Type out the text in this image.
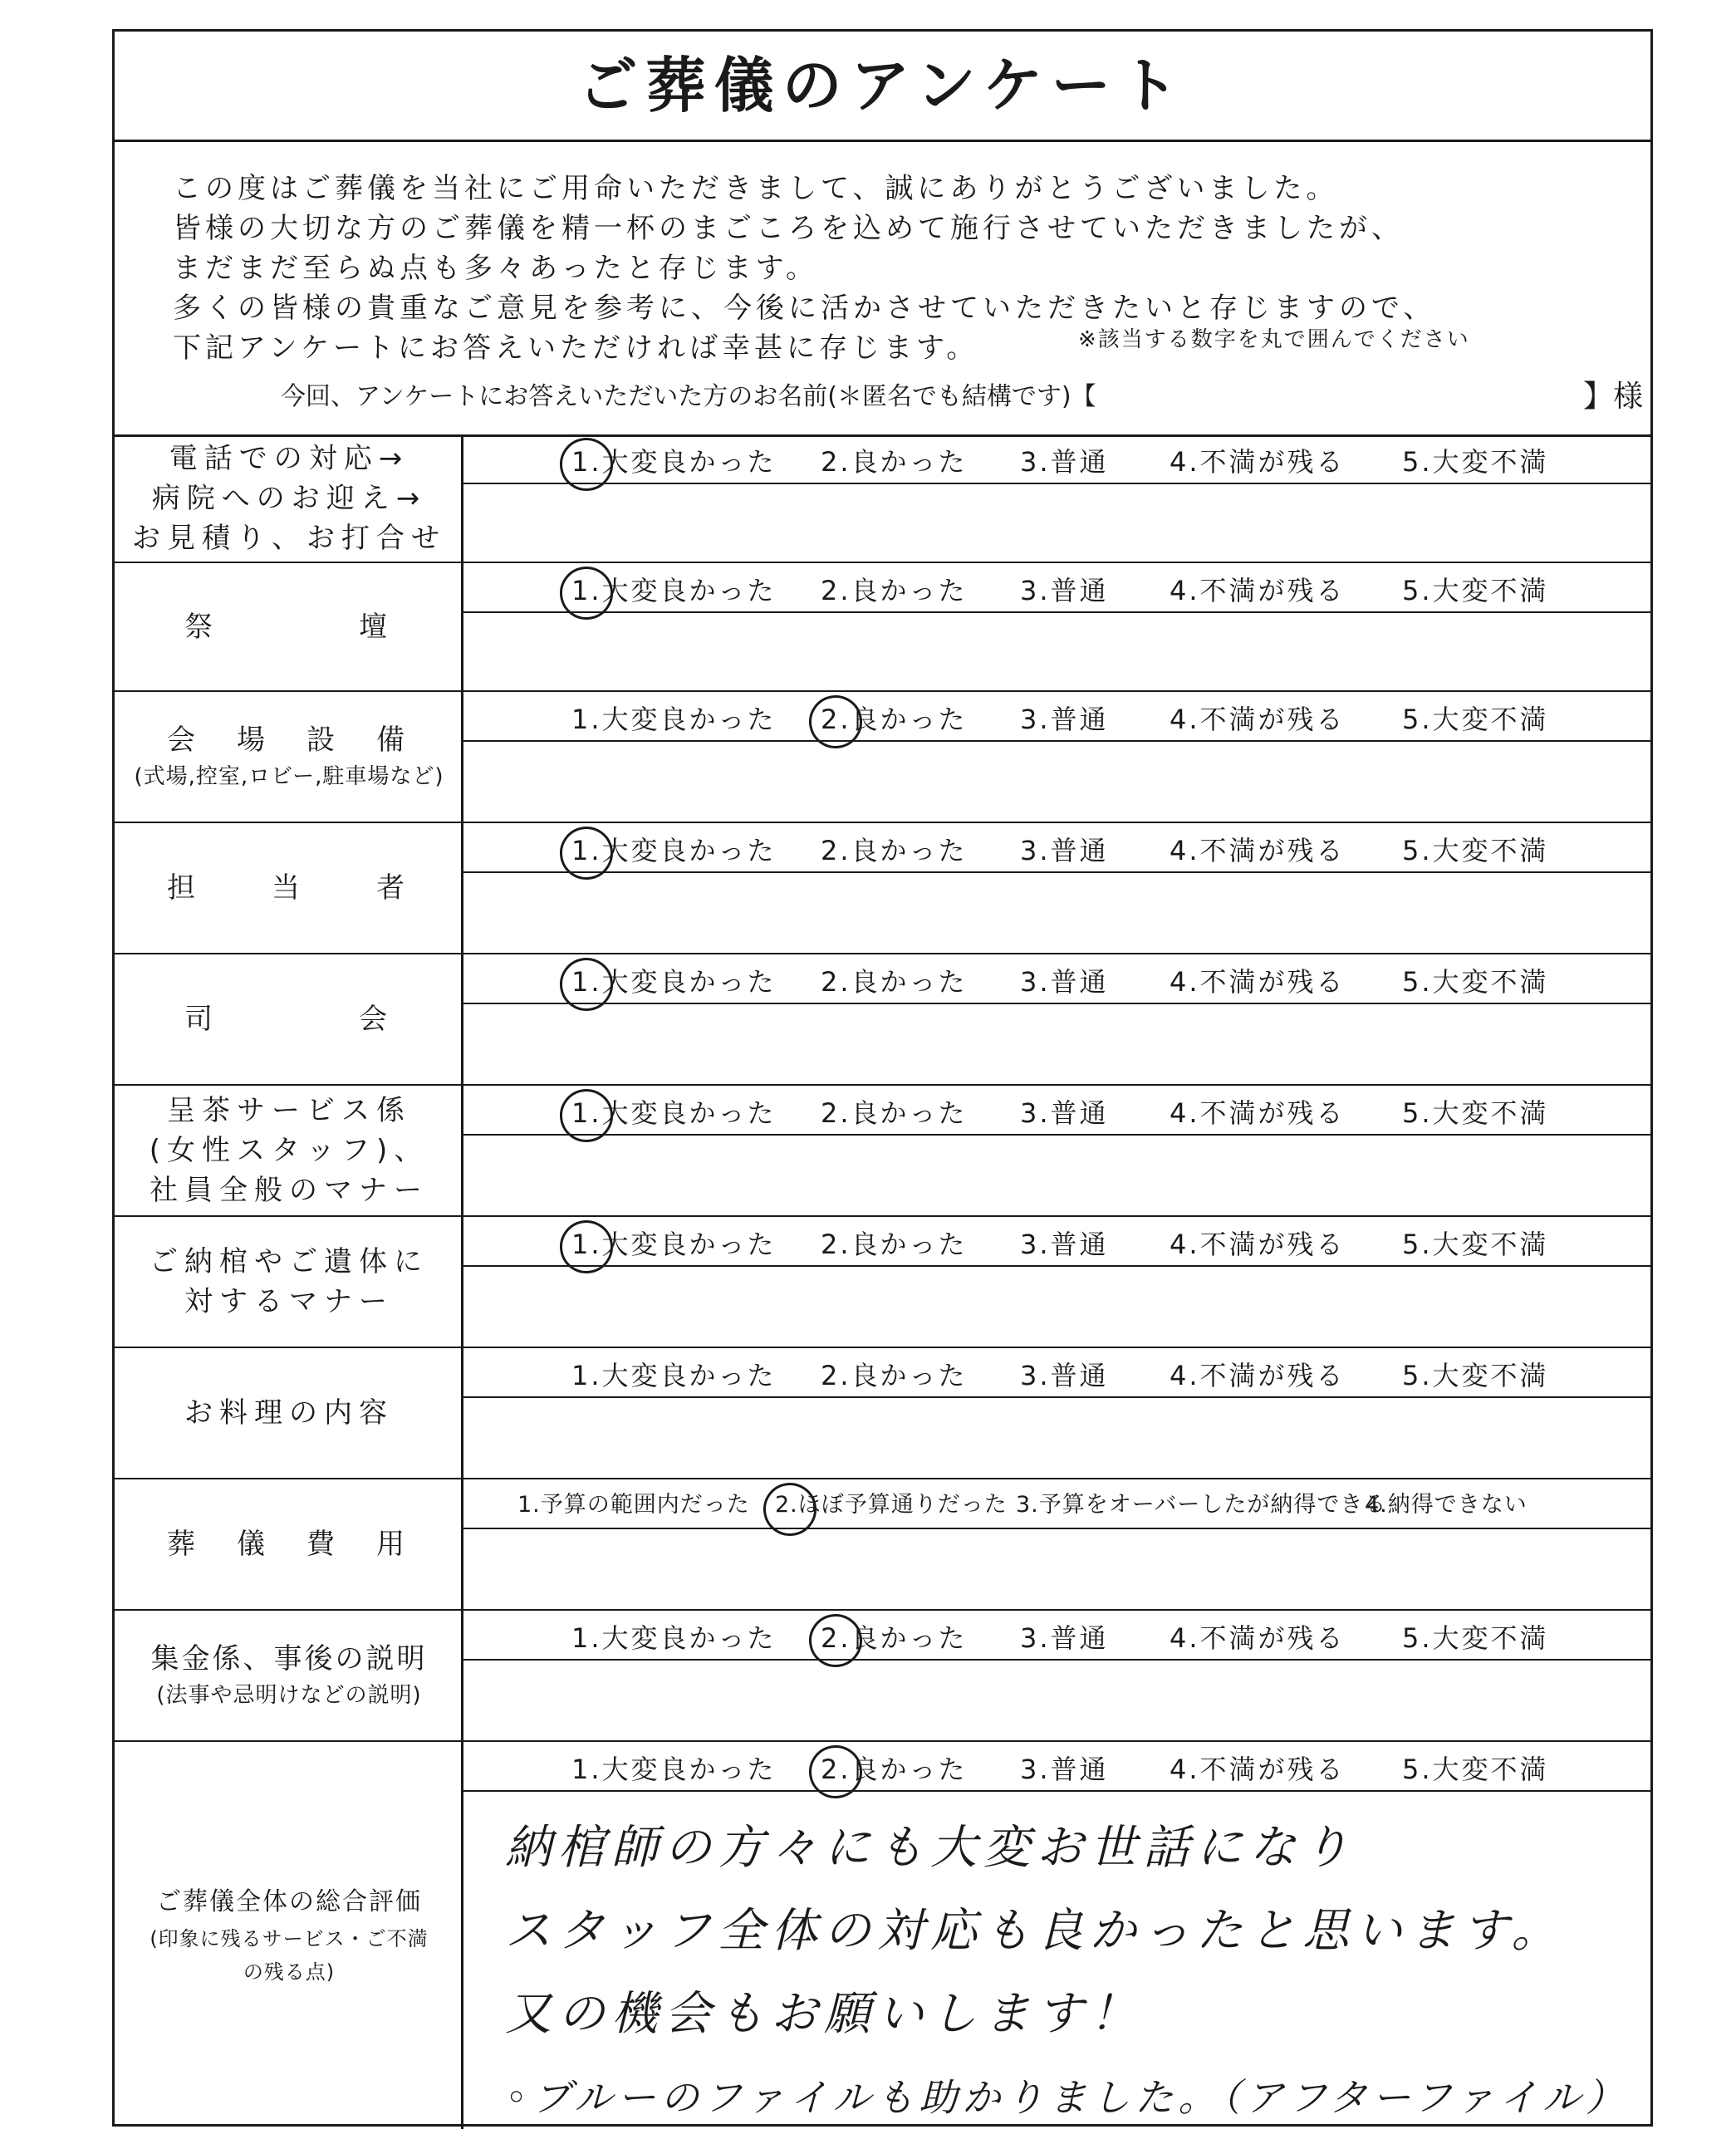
ご葬儀のアンケート

この度はご葬儀を当社にご用命いただきまして、誠にありがとうございました。

皆様の大切な方のご葬儀を精一杯のまごころを込めて施行させていただきましたが、

まだまだ至らぬ点も多々あったと存じます。

多くの皆様の貴重なご意見を参考に、今後に活かさせていただきたいと存じますので、

下記アンケートにお答えいただければ幸甚に存じます。	※該当する数字を丸で囲んでください
今回、アンケートにお答えいただいた方のお名前(＊匿名でも結構です)【	】様
電話での対応→
病院へのお迎え→
お見積り、お打合せ
1.大変良かった 2.良かった 3.普通 4.不満が残る 5.大変不満
祭　　　　壇
1.大変良かった 2.良かった 3.普通 4.不満が残る 5.大変不満
会　場　設　備
(式場,控室,ロビー,駐車場など)
1.大変良かった 2.良かった 3.普通 4.不満が残る 5.大変不満
担　　当　　者
1.大変良かった 2.良かった 3.普通 4.不満が残る 5.大変不満
司　　　　会
1.大変良かった 2.良かった 3.普通 4.不満が残る 5.大変不満
呈茶サービス係
(女性スタッフ)、
社員全般のマナー
1.大変良かった 2.良かった 3.普通 4.不満が残る 5.大変不満
ご納棺やご遺体に
対するマナー
1.大変良かった 2.良かった 3.普通 4.不満が残る 5.大変不満
お料理の内容
1.大変良かった 2.良かった 3.普通 4.不満が残る 5.大変不満
葬　儀　費　用
1.予算の範囲内だった 2.ほぼ予算通りだった 3.予算をオーバーしたが納得できる
4.納得できない
集金係、事後の説明
(法事や忌明けなどの説明)
1.大変良かった 2.良かった 3.普通 4.不満が残る 5.大変不満
ご葬儀全体の総合評価
(印象に残るサービス・ご不満の残る点)
1.大変良かった 2.良かった 3.普通 4.不満が残る 5.大変不満

納棺師の方々にも大変お世話になり

スタッフ全体の対応も良かったと思います。

又の機会もお願いします！

◦ブルーのファイルも助かりました。（アフターファイル）
